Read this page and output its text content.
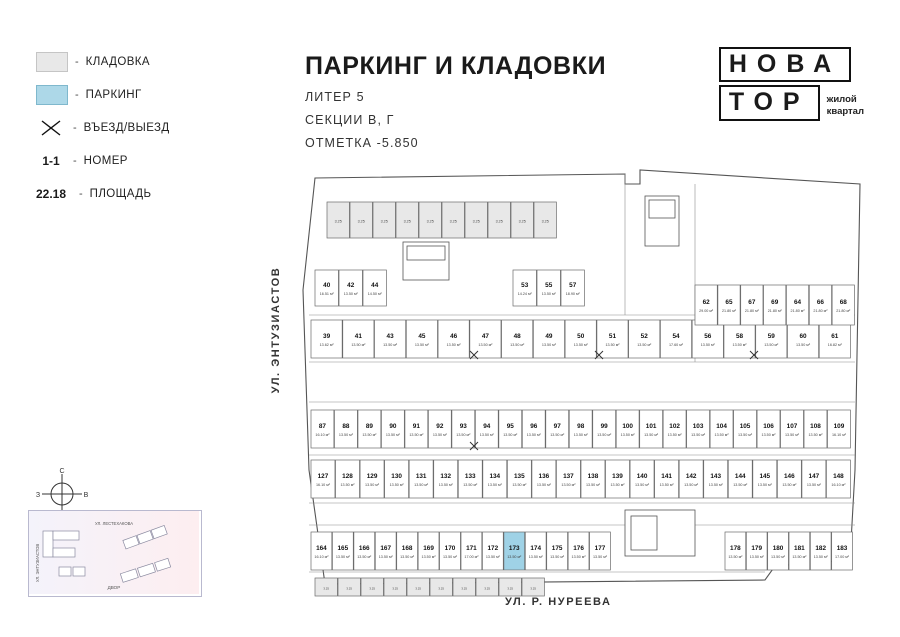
- КЛАДОВКА
- ПАРКИНГ
- ВЪЕЗД/ВЫЕЗД
1-1	- НОМЕР
22.18	- ПЛОЩАДЬ
ПАРКИНГ И КЛАДОВКИ
ЛИТЕР 5
СЕКЦИИ В, Г
ОТМЕТКА -5.850
НОВА
ТОР	жилой
квартал
УЛ. ЭНТУЗИАСТОВ
УЛ. Р. НУРЕЕВА
С
В
З
УЛ. ЛЕСТЕХАКОВА
ДВОР
УЛ. ЭНТУЗИАСТОВ
3.25	3.25	3.25	3.25	3.25	3.25	3.25	3.25	3.25	3.25
40
16.51 м²
42
13.50 м²
44
14.50 м²
53
14.24 м²
55
13.50 м²
57
18.90 м²
39
13.62 м²
41
13.50 м²
43
13.50 м²
45
13.50 м²
46
13.50 м²
47
13.50 м²
48
13.50 м²
49
13.50 м²
50
13.50 м²
51
13.50 м²
52
13.50 м²
54
17.60 м²
56
13.50 м²
58
13.50 м²
59
13.50 м²
60
13.50 м²
61
16.82 м²
62
29.00 м²
65
21.80 м²
67
21.80 м²
69
21.80 м²
64
21.80 м²
66
21.80 м²
68
21.80 м²
87
16.10 м²
88
13.50 м²
89
13.50 м²
90
13.50 м²
91
13.50 м²
92
13.50 м²
93
13.50 м²
94
13.50 м²
95
13.50 м²
96
13.50 м²
97
13.50 м²
98
13.50 м²
99
13.50 м²
100
13.50 м²
101
13.50 м²
102
13.50 м²
103
13.50 м²
104
13.50 м²
105
13.50 м²
106
13.50 м²
107
13.50 м²
108
13.50 м²
109
16.10 м²
127
16.10 м²
128
13.50 м²
129
13.50 м²
130
13.50 м²
131
13.50 м²
132
13.50 м²
133
13.50 м²
134
13.50 м²
135
13.50 м²
136
13.50 м²
137
13.50 м²
138
13.50 м²
139
13.50 м²
140
13.50 м²
141
13.50 м²
142
13.50 м²
143
13.50 м²
144
13.50 м²
145
13.50 м²
146
13.50 м²
147
13.50 м²
148
16.10 м²
164
16.10 м²
165
13.50 м²
166
13.50 м²
167
13.50 м²
168
13.50 м²
169
13.50 м²
170
13.50 м²
171
17.00 м²
172
13.50 м²
173
13.50 м²
174
13.50 м²
175
13.50 м²
176
13.50 м²
177
13.50 м²
178
13.50 м²
179
13.50 м²
180
13.50 м²
181
13.50 м²
182
13.50 м²
183
17.00 м²
3.25	3.25	3.25	3.25	3.25	3.25	3.25	3.25	3.25	3.25
